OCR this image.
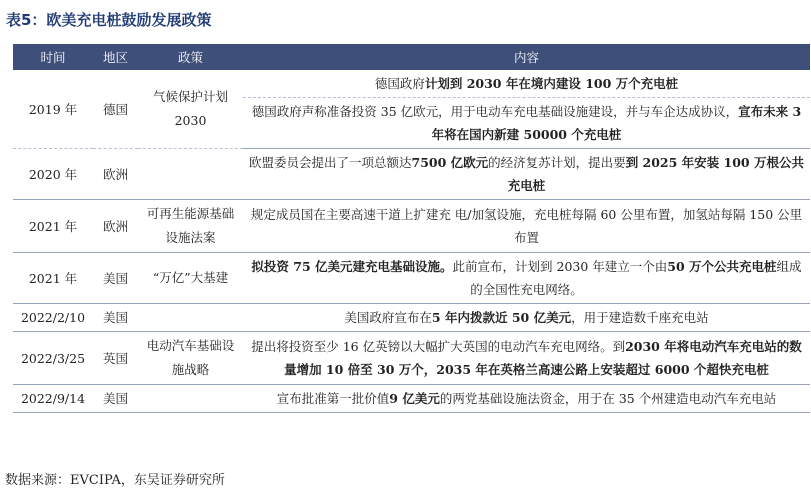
表5：欧美充电桩鼓励发展政策
时间	地区	政策	内容
2019 年	德国	气候保护计划 2030	德国政府计划到 2030 年在境内建设 100 万个充电桩
			德国政府声称准备投资 35 亿欧元，用于电动车充电基础设施建设，并与车企达成协议，宣布未来 3 年将在国内新建 50000 个充电桩
2020 年	欧洲		欧盟委员会提出了一项总额达7500 亿欧元的经济复苏计划，提出要到 2025 年安装 100 万根公共充电桩
2021 年	欧洲	可再生能源基础设施法案	规定成员国在主要高速干道上扩建充 电/加氢设施，充电桩每隔 60 公里布置，加氢站每隔 150 公里布置
2021 年	美国	“万亿”大基建	拟投资 75 亿美元建充电基础设施。此前宣布，计划到 2030 年建立一个由50 万个公共充电桩组成的全国性充电网络。
2022/2/10	美国		美国政府宣布在5 年内拨款近 50 亿美元，用于建造数千座充电站
2022/3/25	英国	电动汽车基础设施战略	提出将投资至少 16 亿英镑以大幅扩大英国的电动汽车充电网络。到2030 年将电动汽车充电站的数量增加 10 倍至 30 万个，2035 年在英格兰高速公路上安装超过 6000 个超快充电桩
2022/9/14	美国		宣布批准第一批价值9 亿美元的两党基础设施法资金，用于在 35 个州建造电动汽车充电站
数据来源：EVCIPA，东吴证券研究所
